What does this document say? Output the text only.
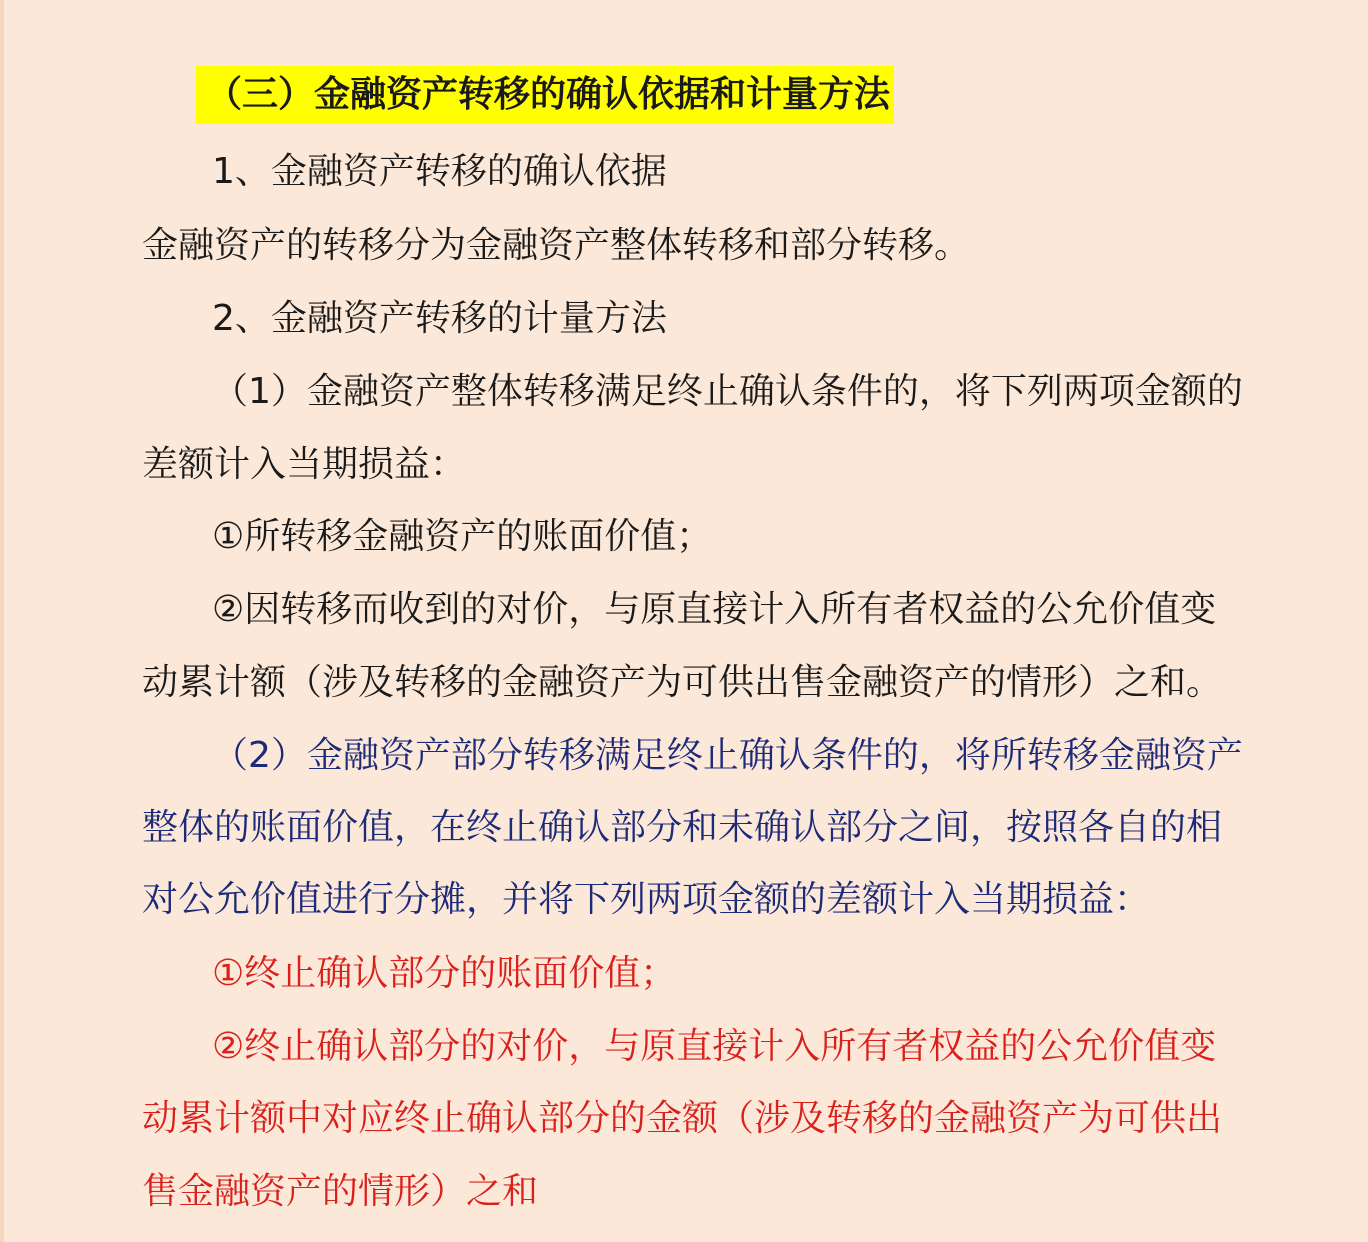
（三）金融资产转移的确认依据和计量方法
1、金融资产转移的确认依据
金融资产的转移分为金融资产整体转移和部分转移。
2、金融资产转移的计量方法
（1）金融资产整体转移满足终止确认条件的，将下列两项金额的
差额计入当期损益：
①所转移金融资产的账面价值；
②因转移而收到的对价，与原直接计入所有者权益的公允价值变
动累计额（涉及转移的金融资产为可供出售金融资产的情形）之和。
（2）金融资产部分转移满足终止确认条件的，将所转移金融资产
整体的账面价值，在终止确认部分和未确认部分之间，按照各自的相
对公允价值进行分摊，并将下列两项金额的差额计入当期损益：
①终止确认部分的账面价值；
②终止确认部分的对价，与原直接计入所有者权益的公允价值变
动累计额中对应终止确认部分的金额（涉及转移的金融资产为可供出
售金融资产的情形）之和
